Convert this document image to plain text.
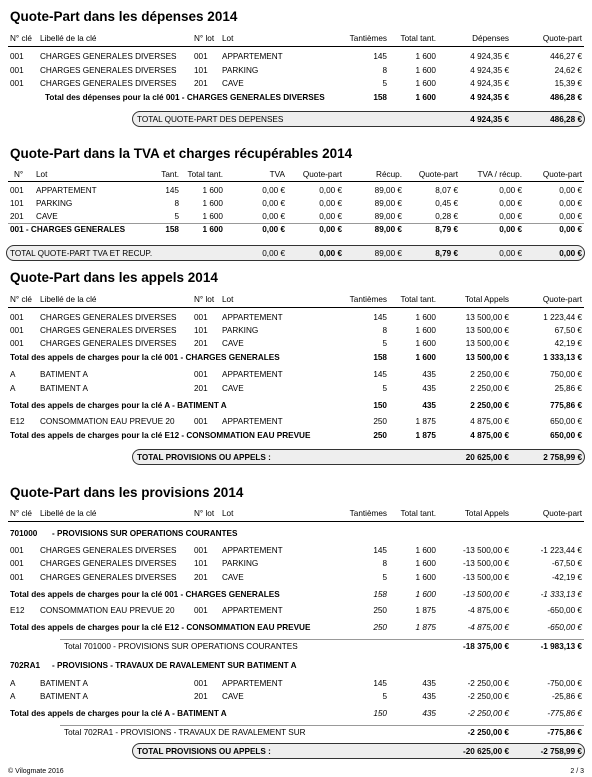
Quote-Part dans les dépenses 2014
N° clé Libellé de la clé	N° lot Lot	Tantièmes Total tant.	Dépenses	Quote-part
001 CHARGES GENERALES DIVERSES 001 APPARTEMENT	145	1 600	4 924,35 €	446,27 €
001 CHARGES GENERALES DIVERSES 101 PARKING	8	1 600	4 924,35 €	24,62 €
001 CHARGES GENERALES DIVERSES 201 CAVE	5	1 600	4 924,35 €	15,39 €
Total des dépenses pour la clé 001 - CHARGES GENERALES DIVERSES	158	1 600	4 924,35 €	486,28 €
TOTAL QUOTE-PART DES DEPENSES	4 924,35 €	486,28 €
Quote-Part dans la TVA et charges récupérables 2014
N° Lot	Tant. Total tant.	TVA Quote-part	Récup. Quote-part TVA / récup.	Quote-part
001 APPARTEMENT	145	1 600	0,00 €	0,00 €	89,00 €	8,07 €	0,00 €	0,00 €
101 PARKING	8	1 600	0,00 €	0,00 €	89,00 €	0,45 €	0,00 €	0,00 €
201 CAVE	5	1 600	0,00 €	0,00 €	89,00 €	0,28 €	0,00 €	0,00 €
001 - CHARGES GENERALES	158	1 600	0,00 €	0,00 €	89,00 €	8,79 €	0,00 €	0,00 €
TOTAL QUOTE-PART TVA ET RECUP.	0,00 €	0,00 €	89,00 €	8,79 €	0,00 €	0,00 €
Quote-Part dans les appels 2014
N° clé Libellé de la clé	N° lot Lot	Tantièmes Total tant.	Total Appels	Quote-part
001 CHARGES GENERALES DIVERSES 001 APPARTEMENT	145	1 600	13 500,00 €	1 223,44 €
001 CHARGES GENERALES DIVERSES 101 PARKING	8	1 600	13 500,00 €	67,50 €
001 CHARGES GENERALES DIVERSES 201 CAVE	5	1 600	13 500,00 €	42,19 €
Total des appels de charges pour la clé 001 - CHARGES GENERALES	158	1 600	13 500,00 €	1 333,13 €
A	BATIMENT A	001 APPARTEMENT	145	435	2 250,00 €	750,00 €
A	BATIMENT A	201 CAVE	5	435	2 250,00 €	25,86 €
Total des appels de charges pour la clé A - BATIMENT A	150	435	2 250,00 €	775,86 €
E12 CONSOMMATION EAU PREVUE 20 001 APPARTEMENT	250	1 875	4 875,00 €	650,00 €
Total des appels de charges pour la clé E12 - CONSOMMATION EAU PREVUE	250	1 875	4 875,00 €	650,00 €
TOTAL PROVISIONS OU APPELS :	20 625,00 €	2 758,99 €
Quote-Part dans les provisions 2014
N° clé Libellé de la clé	N° lot Lot	Tantièmes Total tant.	Total Appels	Quote-part
701000 - PROVISIONS SUR OPERATIONS COURANTES
001 CHARGES GENERALES DIVERSES 001 APPARTEMENT	145	1 600	-13 500,00 €	-1 223,44 €
001 CHARGES GENERALES DIVERSES 101 PARKING	8	1 600	-13 500,00 €	-67,50 €
001 CHARGES GENERALES DIVERSES 201 CAVE	5	1 600	-13 500,00 €	-42,19 €
Total des appels de charges pour la clé 001 - CHARGES GENERALES	158	1 600	-13 500,00 €	-1 333,13 €
E12 CONSOMMATION EAU PREVUE 20 001 APPARTEMENT	250	1 875	-4 875,00 €	-650,00 €
Total des appels de charges pour la clé E12 - CONSOMMATION EAU PREVUE	250	1 875	-4 875,00 €	-650,00 €
Total 701000 - PROVISIONS SUR OPERATIONS COURANTES	-18 375,00 €	-1 983,13 €
702RA1 - PROVISIONS - TRAVAUX DE RAVALEMENT SUR BATIMENT A
A	BATIMENT A	001 APPARTEMENT	145	435	-2 250,00 €	-750,00 €
A	BATIMENT A	201 CAVE	5	435	-2 250,00 €	-25,86 €
Total des appels de charges pour la clé A - BATIMENT A	150	435	-2 250,00 €	-775,86 €
Total 702RA1 - PROVISIONS - TRAVAUX DE RAVALEMENT SUR	-2 250,00 €	-775,86 €
TOTAL PROVISIONS OU APPELS :	-20 625,00 €	-2 758,99 €
© Vilogmate 2016	2 / 3
